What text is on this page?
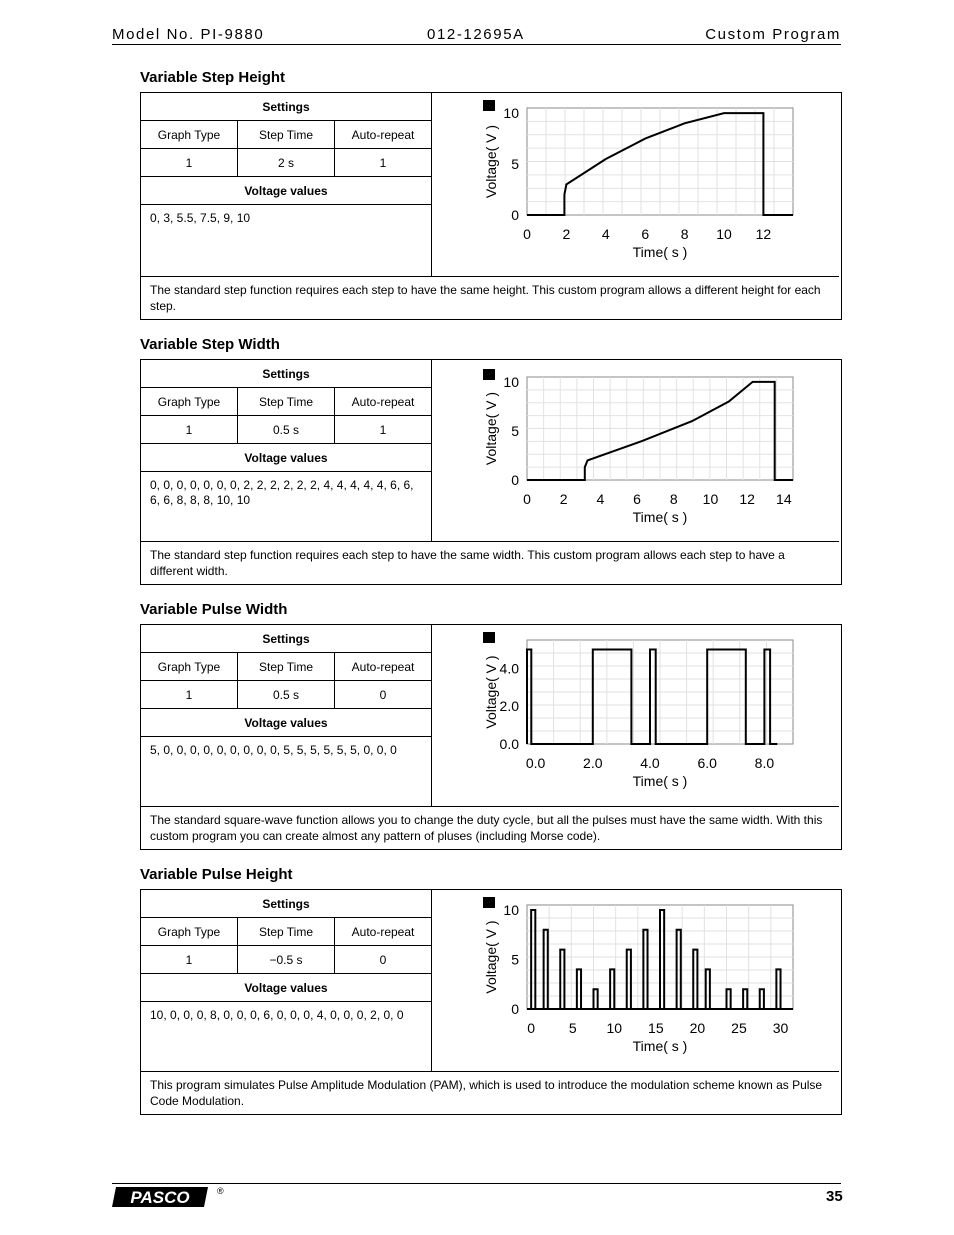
Model No. PI-9880	012-12695A	Custom Program
Variable Step Height
Settings
Graph Type	Step Time	Auto-repeat
1	2 s	1
Voltage values
0, 3, 5.5, 7.5, 9, 10
Voltage( V )
10
5
0
0 2 4 6 8 10 12
Time( s )
The standard step function requires each step to have the same height. This custom program allows a different height for each step.
Variable Step Width
Settings
Graph Type	Step Time	Auto-repeat
1	0.5 s	1
Voltage values
0, 0, 0, 0, 0, 0, 0, 2, 2, 2, 2, 2, 2, 4, 4, 4, 4, 4, 6, 6, 6, 6, 8, 8, 8, 10, 10
Voltage( V )
10
5
0
0 2 4 6 8 10 12 14
Time( s )
The standard step function requires each step to have the same width. This custom program allows each step to have a different width.
Variable Pulse Width
Settings
Graph Type	Step Time	Auto-repeat
1	0.5 s	0
Voltage values
5, 0, 0, 0, 0, 0, 0, 0, 0, 0, 5, 5, 5, 5, 5, 5, 0, 0, 0
Voltage( V ) 4.0
2.0
0.0
0.0	2.0	4.0	6.0	8.0
Time( s )
The standard square-wave function allows you to change the duty cycle, but all the pulses must have the same width. With this custom program you can create almost any pattern of pluses (including Morse code).
Variable Pulse Height
Settings
Graph Type	Step Time	Auto-repeat
1	−0.5 s	0
Voltage values
10, 0, 0, 0, 8, 0, 0, 0, 6, 0, 0, 0, 4, 0, 0, 0, 2, 0, 0
Voltage( V )
10
5
0
0 5 10 15 20 25 30
Time( s )
This program simulates Pulse Amplitude Modulation (PAM), which is used to introduce the modulation scheme known as Pulse Code Modulation.
PASCO	®	35
